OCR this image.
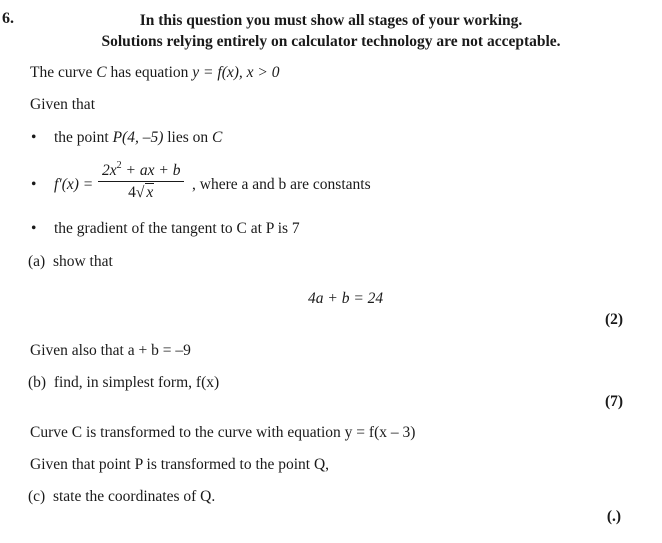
6.	In this question you must show all stages of your working.
Solutions relying entirely on calculator technology are not acceptable.
The curve C has equation y = f(x), x > 0
Given that
• the point P(4, –5) lies on C
• f′(x) =
$2x^2$ + ax + b
4√ x	, where a and b are constants
• the gradient of the tangent to C at P is 7
(a) show that
4a + b = 24
(2)
Given also that a + b = –9
(b) find, in simplest form, f(x)
(7)
Curve C is transformed to the curve with equation y = f(x – 3)
Given that point P is transformed to the point Q,
(c) state the coordinates of Q.
(.)
